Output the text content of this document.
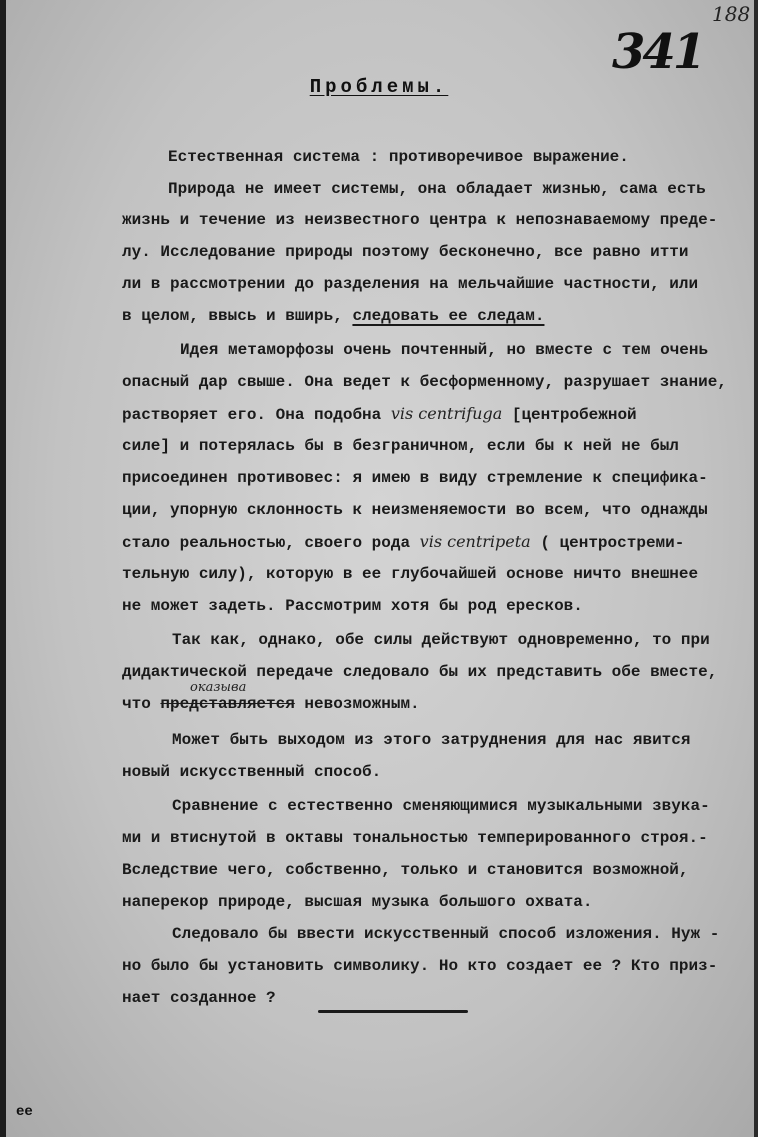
188
341
Проблемы.
Естественная система : противоречивое выражение.
Природа не имеет системы, она обладает жизнью, сама есть
жизнь и течение из неизвестного центра к непознаваемому преде-
лу. Исследование природы поэтому бесконечно, все равно итти
ли в рассмотрении до разделения на мельчайшие частности, или
в целом, ввысь и вширь, следовать ее следам.
Идея метаморфозы очень почтенный, но вместе с тем очень
опасный дар свыше. Она ведет к бесформенному, разрушает знание,
растворяет его. Она подобна vis centrifuga [центробежной
силе] и потерялась бы в безграничном, если бы к ней не был
присоединен противовес: я имею в виду стремление к специфика-
ции, упорную склонность к неизменяемости во всем, что однажды
стало реальностью, своего рода vis centripeta ( центростреми-
тельную силу), которую в ее глубочайшей основе ничто внешнее
не может задеть. Рассмотрим хотя бы род ересков.
Так как, однако, обе силы действуют одновременно, то при
дидактической передаче следовало бы их представить обе вместе,
оказыва
что представляется невозможным.
Может быть выходом из этого затруднения для нас явится
новый искусственный способ.
Сравнение с естественно сменяющимися музыкальными звука-
ми и втиснутой в октавы тональностью темперированного строя.-
Вследствие чего, собственно, только и становится возможной,
наперекор природе, высшая музыка большого охвата.
Следовало бы ввести искусственный способ изложения. Нуж -
но было бы установить символику. Но кто создает ее ? Кто приз-
нает созданное ?
ee
